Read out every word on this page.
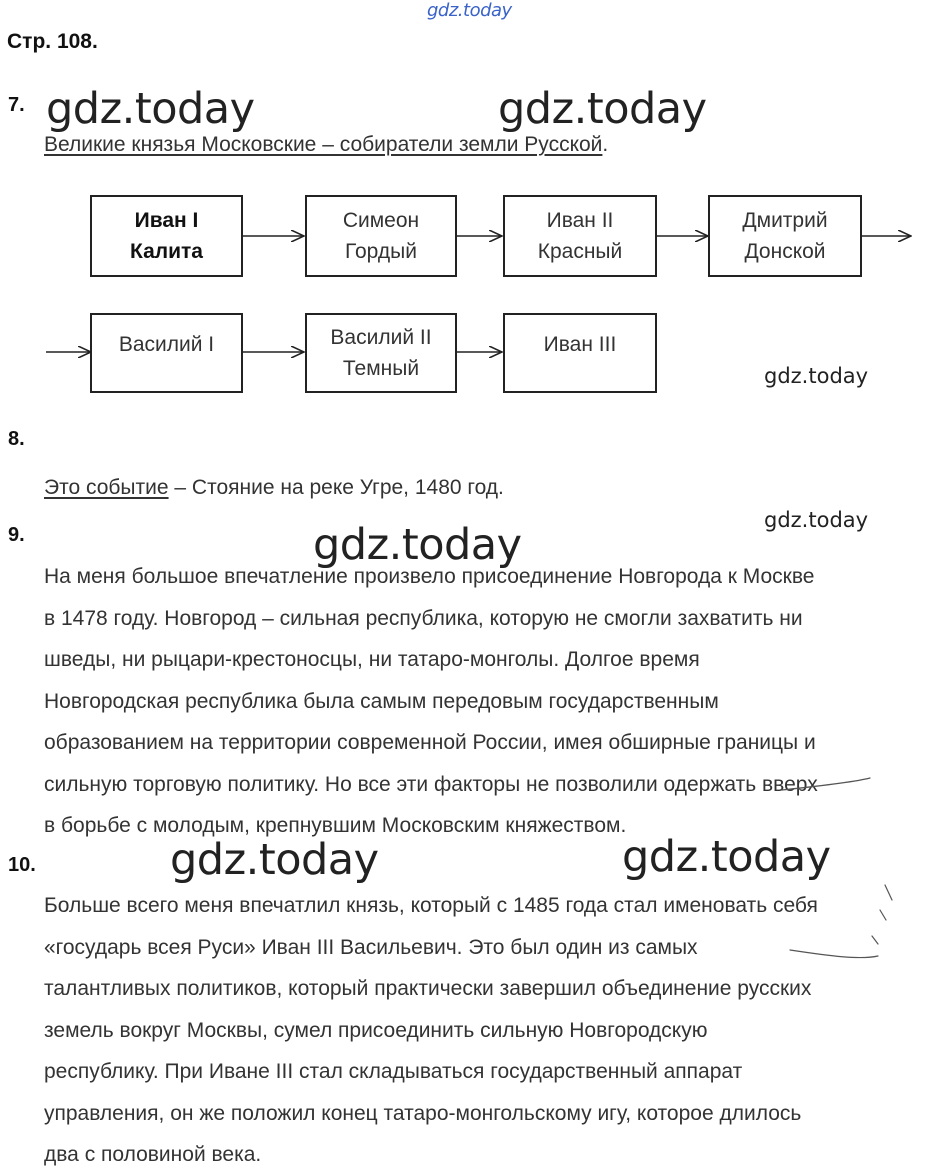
gdz.today
Стр. 108.
7. gdz.today	gdz.today
Великие князья Московские – собиратели земли Русской.
Иван I
Калита
Симеон
Гордый
Иван II
Красный
Дмитрий
Донской
Василий I	Василий II
Темный
Иван III
gdz.today
8.
Это событие – Стояние на реке Угре, 1480 год.
gdz.today
9.	gdz.today
На меня большое впечатление произвело присоединение Новгорода к Москве
в 1478 году. Новгород – сильная республика, которую не смогли захватить ни
шведы, ни рыцари-крестоносцы, ни татаро-монголы. Долгое время
Новгородская республика была самым передовым государственным
образованием на территории современной России, имея обширные границы и
сильную торговую политику. Но все эти факторы не позволили одержать вверх
в борьбе с молодым, крепнувшим Московским княжеством.
10.	gdz.today	gdz.today
Больше всего меня впечатлил князь, который с 1485 года стал именовать себя
«государь всея Руси» Иван III Васильевич. Это был один из самых
талантливых политиков, который практически завершил объединение русских
земель вокруг Москвы, сумел присоединить сильную Новгородскую
республику. При Иване III стал складываться государственный аппарат
управления, он же положил конец татаро-монгольскому игу, которое длилось
два с половиной века.
